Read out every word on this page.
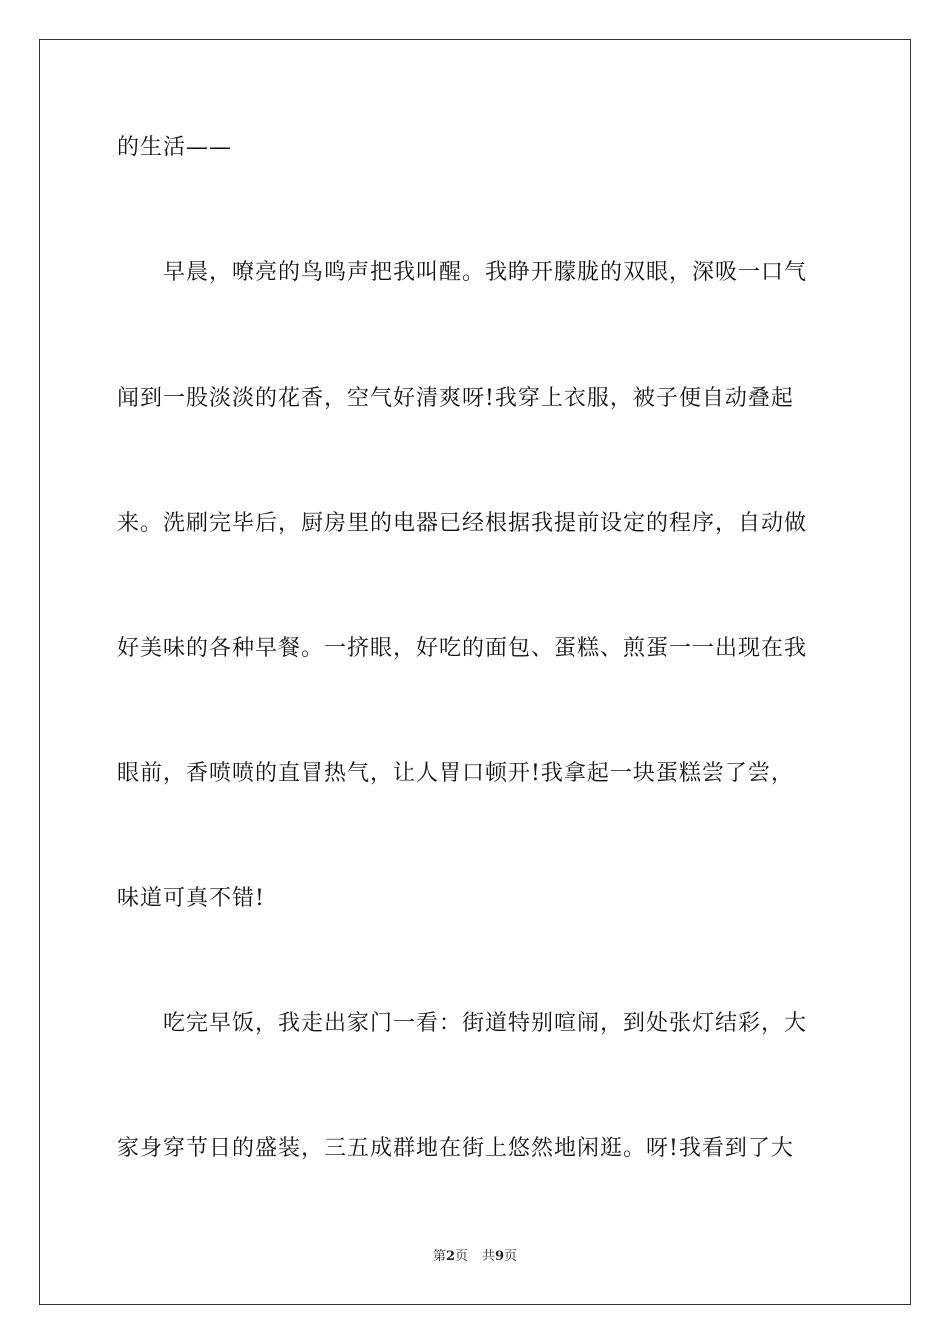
的生活——
　　早晨，嘹亮的鸟鸣声把我叫醒。我睁开朦胧的双眼，深吸一口气
闻到一股淡淡的花香，空气好清爽呀!我穿上衣服，被子便自动叠起
来。洗刷完毕后，厨房里的电器已经根据我提前设定的程序，自动做
好美味的各种早餐。一挤眼，好吃的面包、蛋糕、煎蛋一一出现在我
眼前，香喷喷的直冒热气，让人胃口顿开!我拿起一块蛋糕尝了尝，
味道可真不错!
　　吃完早饭，我走出家门一看：街道特别喧闹，到处张灯结彩，大
家身穿节日的盛装，三五成群地在街上悠然地闲逛。呀!我看到了大
第2页 共9页
